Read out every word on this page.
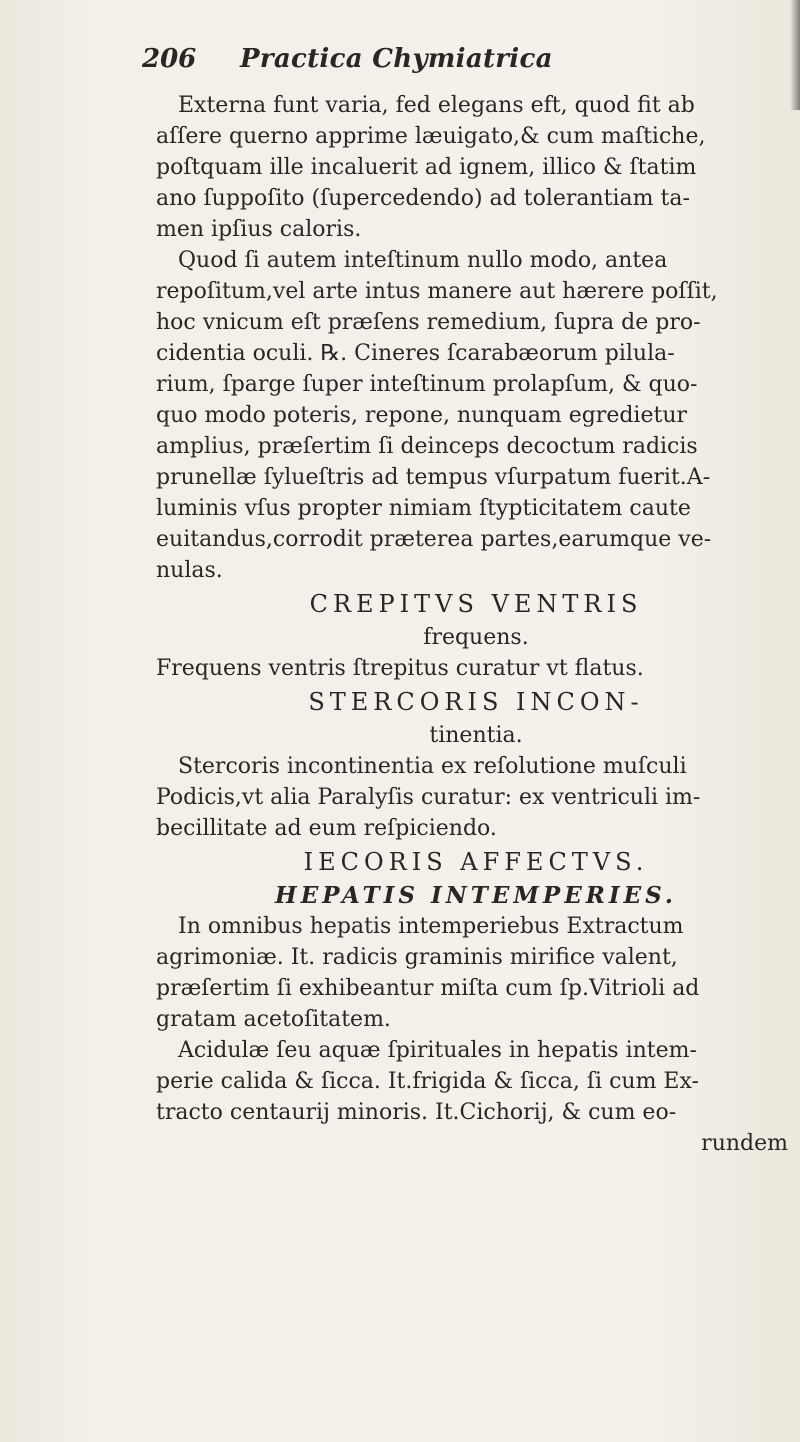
206 Practica Chymiatrica
Externa funt varia, fed elegans eft, quod fit ab
aſſere querno apprime læuigato,& cum maſtiche,
poſtquam ille incaluerit ad ignem, illico & ſtatim
ano ſuppoſito (ſupercedendo) ad tolerantiam ta-
men ipſius caloris.
Quod ſi autem inteſtinum nullo modo, antea
repoſitum,vel arte intus manere aut hærere poſſit,
hoc vnicum eſt præſens remedium, ſupra de pro-
cidentia oculi. ℞. Cineres ſcarabæorum pilula-
rium, ſparge ſuper inteſtinum prolapſum, & quo-
quo modo poteris, repone, nunquam egredietur
amplius, præſertim ſi deinceps decoctum radicis
prunellæ ſylueſtris ad tempus vſurpatum fuerit.A-
luminis vſus propter nimiam ſtypticitatem caute
euitandus,corrodit præterea partes,earumque ve-
nulas.
CREPITVS VENTRIS
frequens.
Frequens ventris ſtrepitus curatur vt flatus.
STERCORIS INCON-
tinentia.
Stercoris incontinentia ex reſolutione muſculi
Podicis,vt alia Paralyſis curatur: ex ventriculi im-
becillitate ad eum reſpiciendo.
IECORIS AFFECTVS.
HEPATIS INTEMPERIES.
In omnibus hepatis intemperiebus Extractum
agrimoniæ. It. radicis graminis mirifice valent,
præſertim ſi exhibeantur miſta cum ſp.Vitrioli ad
gratam acetoſitatem.
Acidulæ ſeu aquæ ſpirituales in hepatis intem-
perie calida & ſicca. It.frigida & ſicca, ſi cum Ex-
tracto centaurij minoris. It.Cichorij, & cum eo-
rundem
